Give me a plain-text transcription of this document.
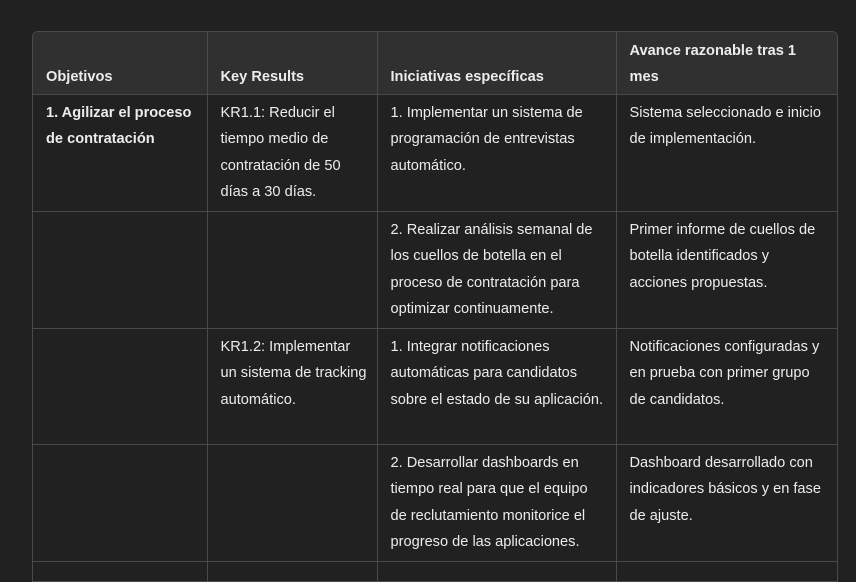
Objetivos	Key Results	Iniciativas específicas	Avance razonable tras 1 mes
1. Agilizar el proceso de contratación	KR1.1: Reducir el tiempo medio de contratación de 50 días a 30 días.	1. Implementar un sistema de programación de entrevistas automático.	Sistema seleccionado e inicio de implementación.
		2. Realizar análisis semanal de los cuellos de botella en el proceso de contratación para optimizar continuamente.	Primer informe de cuellos de botella identificados y acciones propuestas.
	KR1.2: Implementar un sistema de tracking automático.	1. Integrar notificaciones automáticas para candidatos sobre el estado de su aplicación.	Notificaciones configuradas y en prueba con primer grupo de candidatos.
		2. Desarrollar dashboards en tiempo real para que el equipo de reclutamiento monitorice el progreso de las aplicaciones.	Dashboard desarrollado con indicadores básicos y en fase de ajuste.
